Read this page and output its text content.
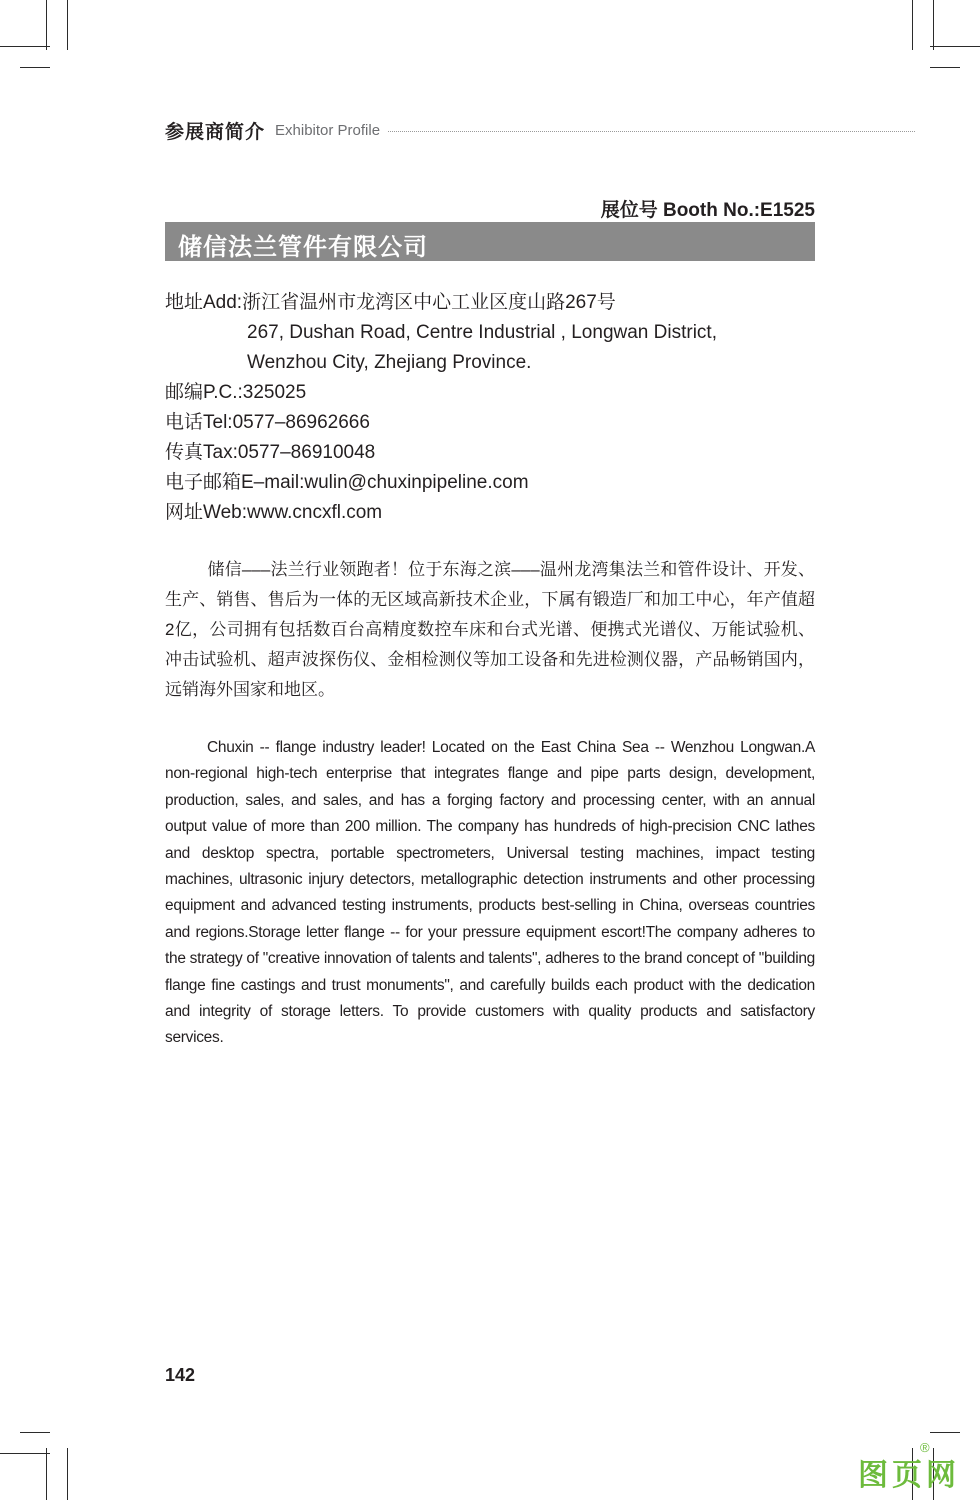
参展商简介 Exhibitor Profile
展位号 Booth No.:E1525
储信法兰管件有限公司
地址Add:浙江省温州市龙湾区中心工业区度山路267号
267, Dushan Road, Centre Industrial , Longwan District,
Wenzhou City, Zhejiang Province.
邮编P.C.:325025
电话Tel:0577–86962666
传真Tax:0577–86910048
电子邮箱E–mail:wulin@chuxinpipeline.com
网址Web:www.cncxfl.com

储信–––法兰行业领跑者！位于东海之滨–––温州龙湾集法兰和管件设计、开发、生产、销售、售后为一体的无区域高新技术企业，下属有锻造厂和加工中心，年产值超2亿，公司拥有包括数百台高精度数控车床和台式光谱、便携式光谱仪、万能试验机、冲击试验机、超声波探伤仪、金相检测仪等加工设备和先进检测仪器，产品畅销国内，远销海外国家和地区。

Chuxin -- flange industry leader! Located on the East China Sea -- Wenzhou Longwan.A non-regional high-tech enterprise that integrates flange and pipe parts design, development, production, sales, and sales, and has a forging factory and processing center, with an annual output value of more than 200 million. The company has hundreds of high-precision CNC lathes and desktop spectra, portable spectrometers, Universal testing machines, impact testing machines, ultrasonic injury detectors, metallographic detection instruments and other processing equipment and advanced testing instruments, products best-selling in China, overseas countries and regions.Storage letter flange -- for your pressure equipment escort!The company adheres to the strategy of "creative innovation of talents and talents", adheres to the brand concept of "building flange fine castings and trust monuments", and carefully builds each product with the dedication and integrity of storage letters. To provide customers with quality products and satisfactory services.

142
图页网
®
